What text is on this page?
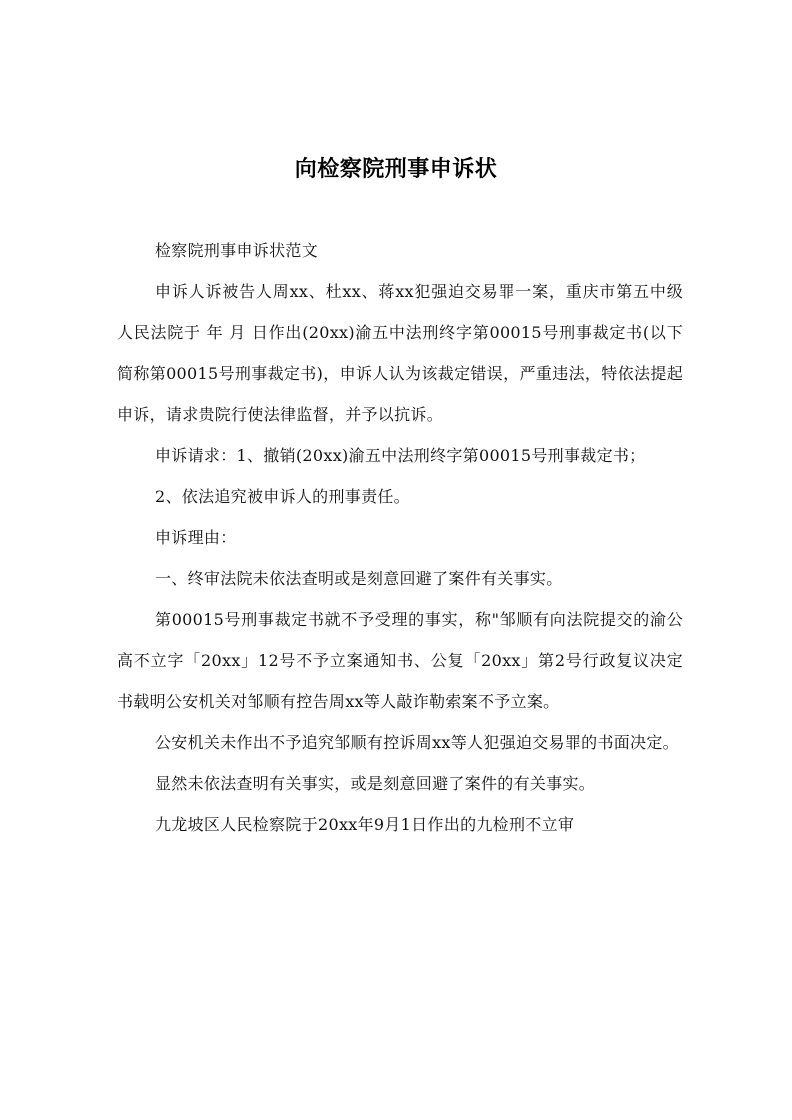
向检察院刑事申诉状

检察院刑事申诉状范文

申诉人诉被告人周xx、杜xx、蒋xx犯强迫交易罪一案，重庆市第五中级人民法院于 年 月 日作出(20xx)渝五中法刑终字第00015号刑事裁定书(以下简称第00015号刑事裁定书)，申诉人认为该裁定错误，严重违法，特依法提起申诉，请求贵院行使法律监督，并予以抗诉。

申诉请求：1、撤销(20xx)渝五中法刑终字第00015号刑事裁定书；

2、依法追究被申诉人的刑事责任。

申诉理由：

一、终审法院未依法查明或是刻意回避了案件有关事实。

第00015号刑事裁定书就不予受理的事实，称"邹顺有向法院提交的渝公高不立字「20xx」12号不予立案通知书、公复「20xx」第2号行政复议决定书载明公安机关对邹顺有控告周xx等人敲诈勒索案不予立案。

公安机关未作出不予追究邹顺有控诉周xx等人犯强迫交易罪的书面决定。

显然未依法查明有关事实，或是刻意回避了案件的有关事实。

九龙坡区人民检察院于20xx年9月1日作出的九检刑不立审
